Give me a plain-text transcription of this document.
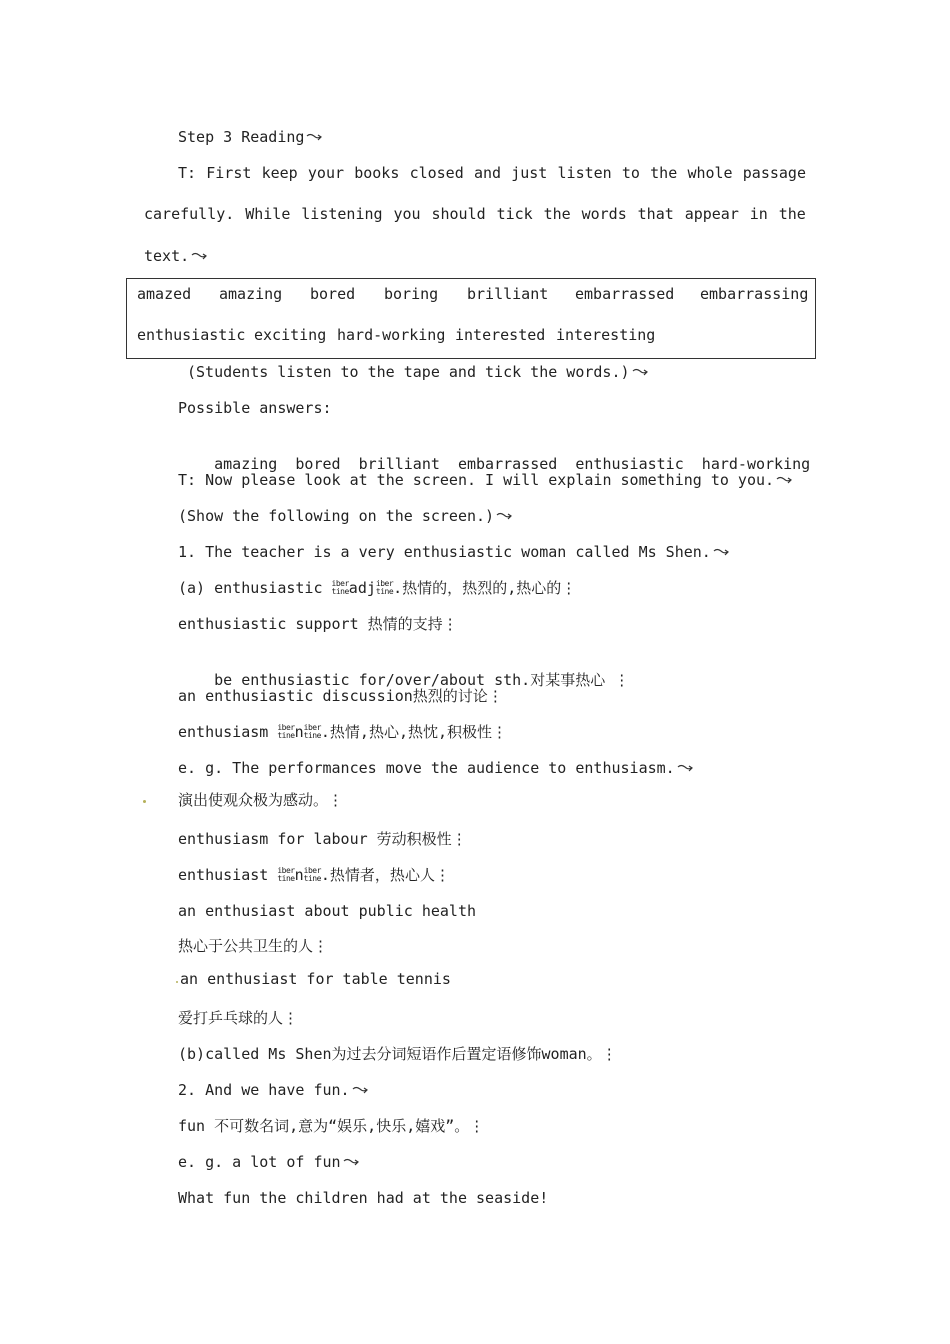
Step 3 Reading
T: First keep your books closed and just listen to the whole passage
carefully. While listening you should tick the words that appear in the
text.
amazed amazing bored boring brilliant embarrassed embarrassing
enthusiastic exciting hard-working interested interesting
(Students listen to the tape and tick the words.)
Possible answers:

amazing  bored  brilliant  embarrassed  enthusiastic  hard-working

T: Now please look at the screen. I will explain something to you.
(Show the following on the screen.)
1. The teacher is a very enthusiastic woman called Ms Shen.
(a) enthusiastic iber
tineadjiber
tine.热情的，热烈的,热心的⋮
enthusiastic support 热情的支持⋮

be enthusiastic for/over/about sth.对某事热心 ⋮

an enthusiastic discussion热烈的讨论⋮
enthusiasm iber
tineniber
tine.热情,热心,热忱,积极性⋮
e. g. The performances move the audience to enthusiasm.
演出使观众极为感动。⋮
enthusiasm for labour 劳动积极性⋮
enthusiast iber
tineniber
tine.热情者，热心人⋮
an enthusiast about public health
热心于公共卫生的人⋮
an enthusiast for table tennis
爱打乒乓球的人⋮
(b)called Ms Shen为过去分词短语作后置定语修饰woman。⋮
2. And we have fun.
fun 不可数名词,意为“娱乐,快乐,嬉戏”。⋮
e. g. a lot of fun
What fun the children had at the seaside!
